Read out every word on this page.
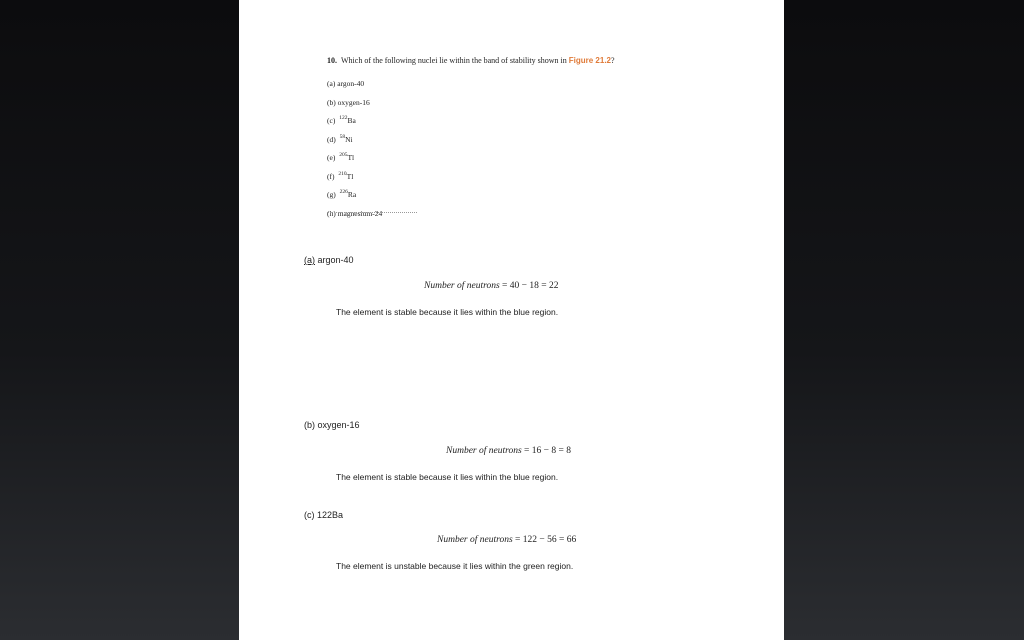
10. Which of the following nuclei lie within the band of stability shown in Figure 21.2?
(a) argon-40
(b) oxygen-16
(c) $^{122}$Ba
(d) $^{58}$Ni
(e) $^{205}$Tl
(f) $^{210}$Tl
(g) $^{226}$Ra
(h) magnesium-24
(a) argon-40
Number of neutrons = 40 − 18 = 22
The element is stable because it lies within the blue region.
(b) oxygen-16
Number of neutrons = 16 − 8 = 8
The element is stable because it lies within the blue region.
(c) 122Ba
Number of neutrons = 122 − 56 = 66
The element is unstable because it lies within the green region.
